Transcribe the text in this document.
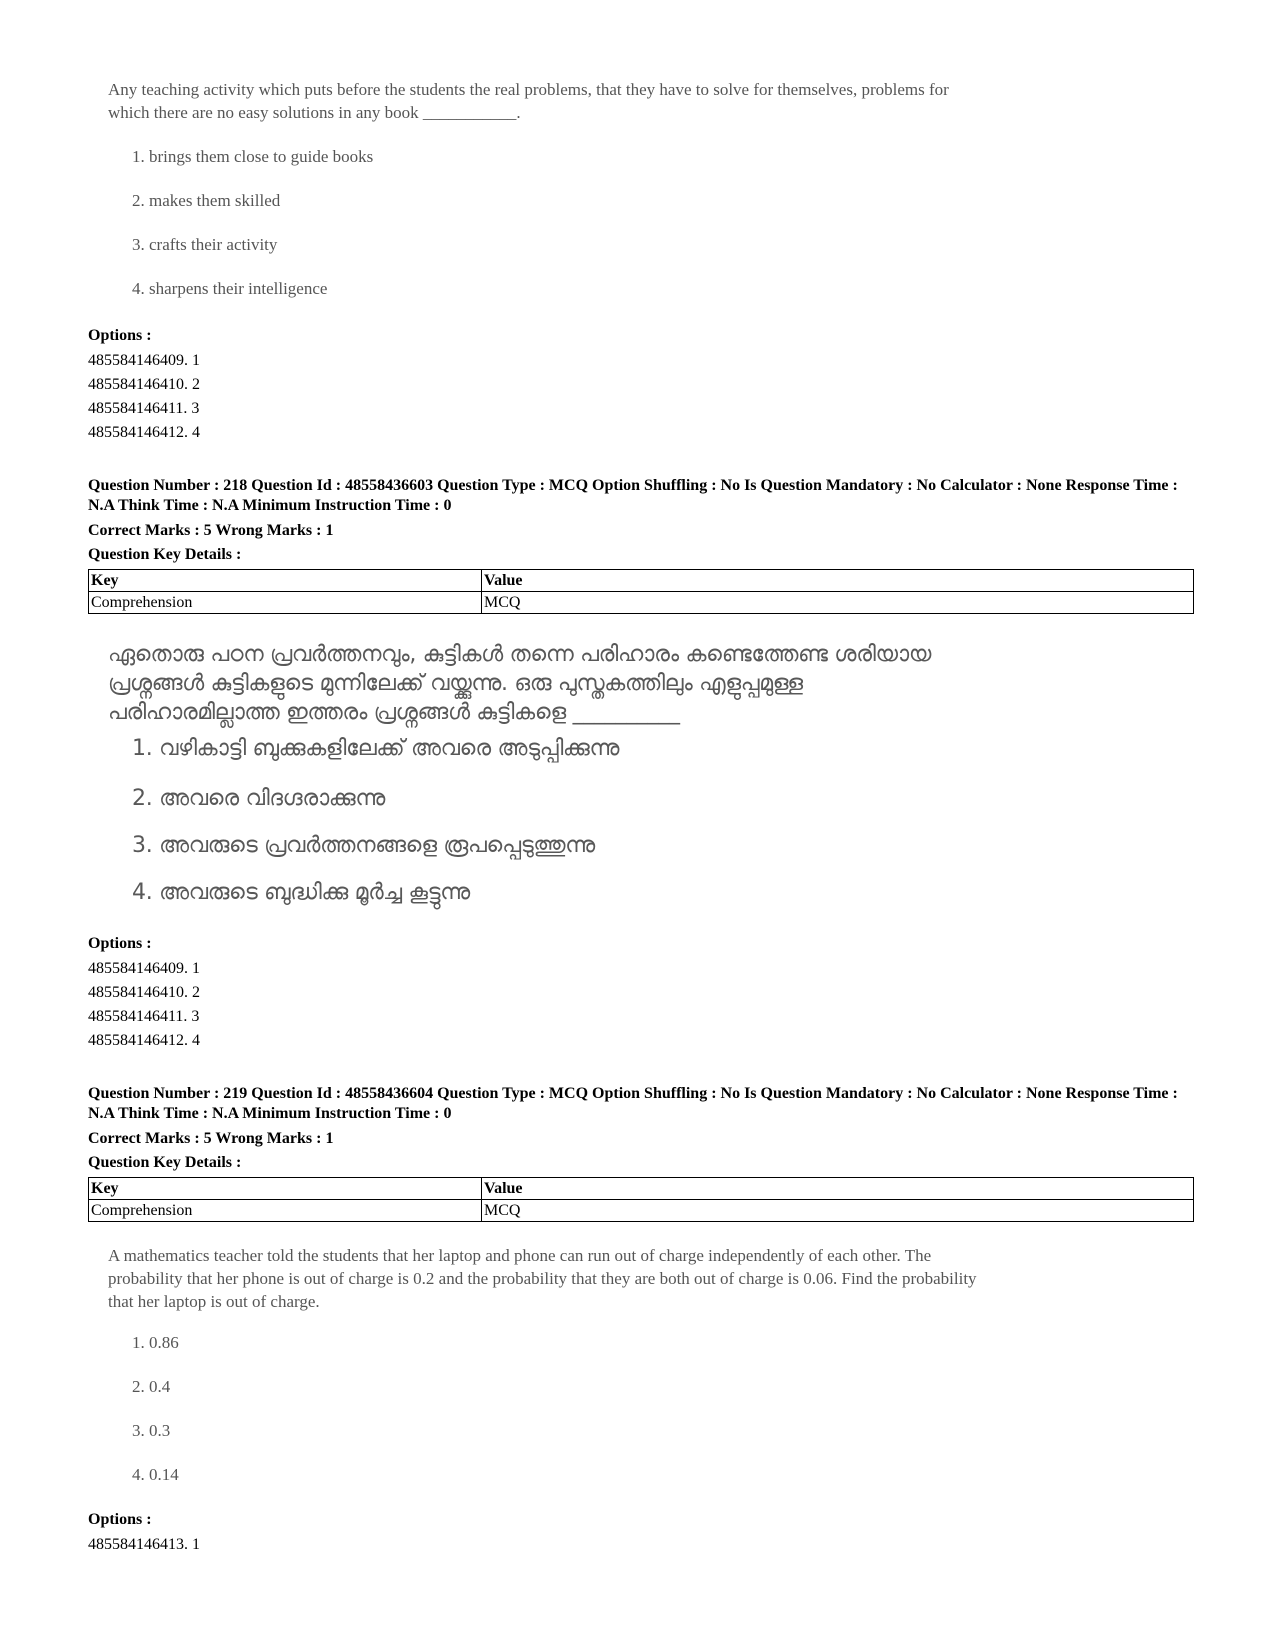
Any teaching activity which puts before the students the real problems, that they have to solve for themselves, problems for which there are no easy solutions in any book ___________.
1. brings them close to guide books
2. makes them skilled
3. crafts their activity
4. sharpens their intelligence
Options :
485584146409. 1
485584146410. 2
485584146411. 3
485584146412. 4
Question Number : 218 Question Id : 48558436603 Question Type : MCQ Option Shuffling : No Is Question Mandatory : No Calculator : None Response Time : N.A Think Time : N.A Minimum Instruction Time : 0
Correct Marks : 5 Wrong Marks : 1
Question Key Details :
Key	Value
Comprehension	MCQ
ഏതൊരു പഠന പ്രവർത്തനവും, കുട്ടികൾ തന്നെ പരിഹാരം കണ്ടെത്തേണ്ട ശരിയായ പ്രശ്നങ്ങൾ കുട്ടികളുടെ മുന്നിലേക്ക് വയ്ക്കുന്നു. ഒരു പുസ്തകത്തിലും എളുപ്പമുള്ള പരിഹാരമില്ലാത്ത ഇത്തരം പ്രശ്നങ്ങൾ കുട്ടികളെ __________
1. വഴികാട്ടി ബുക്കുകളിലേക്ക് അവരെ അടുപ്പിക്കുന്നു
2. അവരെ വിദഗ്ദരാക്കുന്നു
3. അവരുടെ പ്രവർത്തനങ്ങളെ രൂപപ്പെടുത്തുന്നു
4. അവരുടെ ബുദ്ധിക്കു മൂർച്ച കൂട്ടുന്നു
Options :
485584146409. 1
485584146410. 2
485584146411. 3
485584146412. 4
Question Number : 219 Question Id : 48558436604 Question Type : MCQ Option Shuffling : No Is Question Mandatory : No Calculator : None Response Time : N.A Think Time : N.A Minimum Instruction Time : 0
Correct Marks : 5 Wrong Marks : 1
Question Key Details :
Key	Value
Comprehension	MCQ
A mathematics teacher told the students that her laptop and phone can run out of charge independently of each other. The probability that her phone is out of charge is 0.2 and the probability that they are both out of charge is 0.06. Find the probability that her laptop is out of charge.
1. 0.86
2. 0.4
3. 0.3
4. 0.14
Options :
485584146413. 1
